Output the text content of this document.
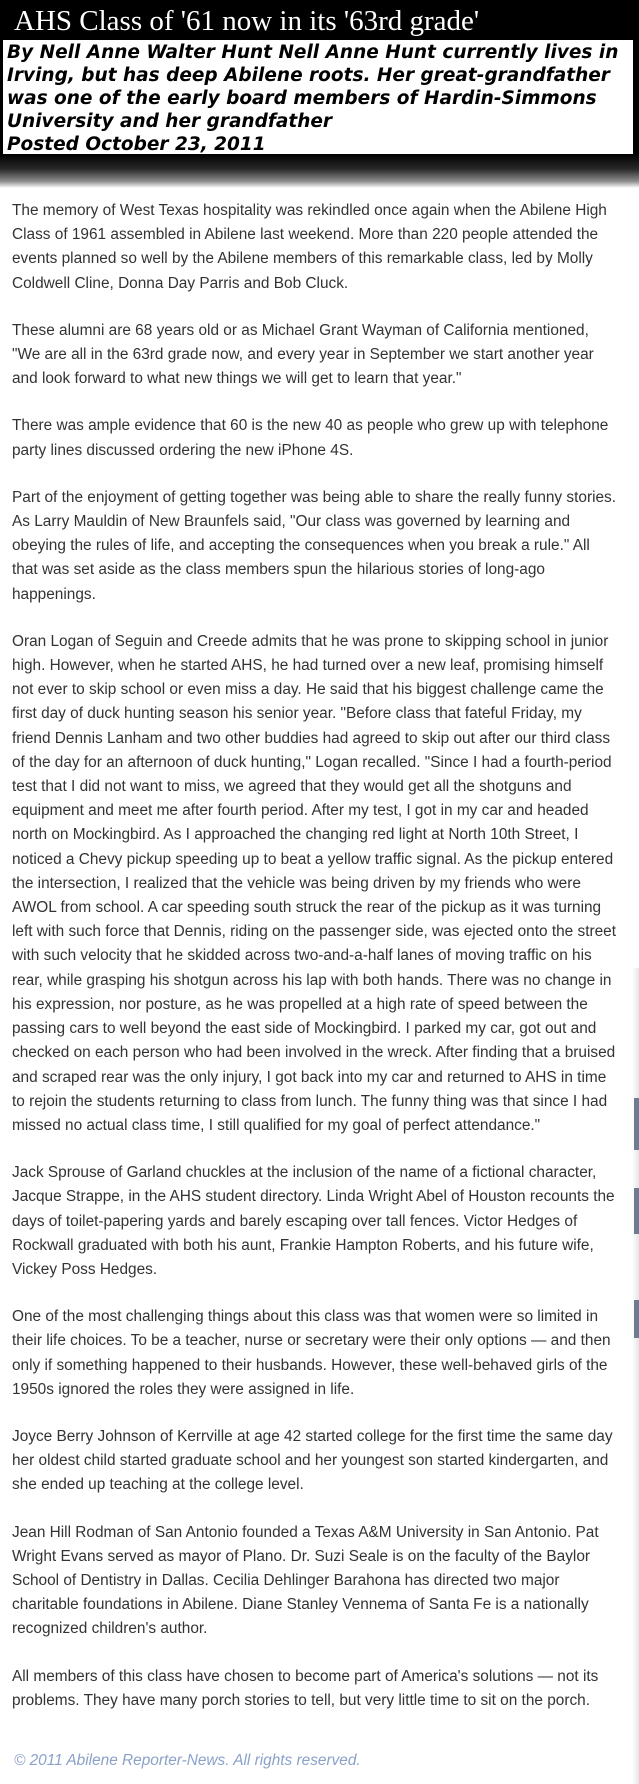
AHS Class of '61 now in its '63rd grade'

By Nell Anne Walter Hunt Nell Anne Hunt currently lives in Irving, but has deep Abilene roots. Her great-grandfather was one of the early board members of Hardin-Simmons University and her grandfather

Posted October 23, 2011

The memory of West Texas hospitality was rekindled once again when the Abilene High Class of 1961 assembled in Abilene last weekend. More than 220 people attended the events planned so well by the Abilene members of this remarkable class, led by Molly Coldwell Cline, Donna Day Parris and Bob Cluck.

These alumni are 68 years old or as Michael Grant Wayman of California mentioned, "We are all in the 63rd grade now, and every year in September we start another year and look forward to what new things we will get to learn that year."

There was ample evidence that 60 is the new 40 as people who grew up with telephone party lines discussed ordering the new iPhone 4S.

Part of the enjoyment of getting together was being able to share the really funny stories. As Larry Mauldin of New Braunfels said, "Our class was governed by learning and obeying the rules of life, and accepting the consequences when you break a rule." All that was set aside as the class members spun the hilarious stories of long-ago happenings.

Oran Logan of Seguin and Creede admits that he was prone to skipping school in junior high. However, when he started AHS, he had turned over a new leaf, promising himself not ever to skip school or even miss a day. He said that his biggest challenge came the first day of duck hunting season his senior year. "Before class that fateful Friday, my friend Dennis Lanham and two other buddies had agreed to skip out after our third class of the day for an afternoon of duck hunting," Logan recalled. "Since I had a fourth-period test that I did not want to miss, we agreed that they would get all the shotguns and equipment and meet me after fourth period. After my test, I got in my car and headed north on Mockingbird. As I approached the changing red light at North 10th Street, I noticed a Chevy pickup speeding up to beat a yellow traffic signal. As the pickup entered the intersection, I realized that the vehicle was being driven by my friends who were AWOL from school. A car speeding south struck the rear of the pickup as it was turning left with such force that Dennis, riding on the passenger side, was ejected onto the street with such velocity that he skidded across two-and-a-half lanes of moving traffic on his rear, while grasping his shotgun across his lap with both hands. There was no change in his expression, nor posture, as he was propelled at a high rate of speed between the passing cars to well beyond the east side of Mockingbird. I parked my car, got out and checked on each person who had been involved in the wreck. After finding that a bruised and scraped rear was the only injury, I got back into my car and returned to AHS in time to rejoin the students returning to class from lunch. The funny thing was that since I had missed no actual class time, I still qualified for my goal of perfect attendance."

Jack Sprouse of Garland chuckles at the inclusion of the name of a fictional character, Jacque Strappe, in the AHS student directory. Linda Wright Abel of Houston recounts the days of toilet-papering yards and barely escaping over tall fences. Victor Hedges of Rockwall graduated with both his aunt, Frankie Hampton Roberts, and his future wife, Vickey Poss Hedges.

One of the most challenging things about this class was that women were so limited in their life choices. To be a teacher, nurse or secretary were their only options — and then only if something happened to their husbands. However, these well-behaved girls of the 1950s ignored the roles they were assigned in life.

Joyce Berry Johnson of Kerrville at age 42 started college for the first time the same day her oldest child started graduate school and her youngest son started kindergarten, and she ended up teaching at the college level.

Jean Hill Rodman of San Antonio founded a Texas A&M University in San Antonio. Pat Wright Evans served as mayor of Plano. Dr. Suzi Seale is on the faculty of the Baylor School of Dentistry in Dallas. Cecilia Dehlinger Barahona has directed two major charitable foundations in Abilene. Diane Stanley Vennema of Santa Fe is a nationally recognized children's author.

All members of this class have chosen to become part of America's solutions — not its problems. They have many porch stories to tell, but very little time to sit on the porch.

© 2011 Abilene Reporter-News. All rights reserved.
